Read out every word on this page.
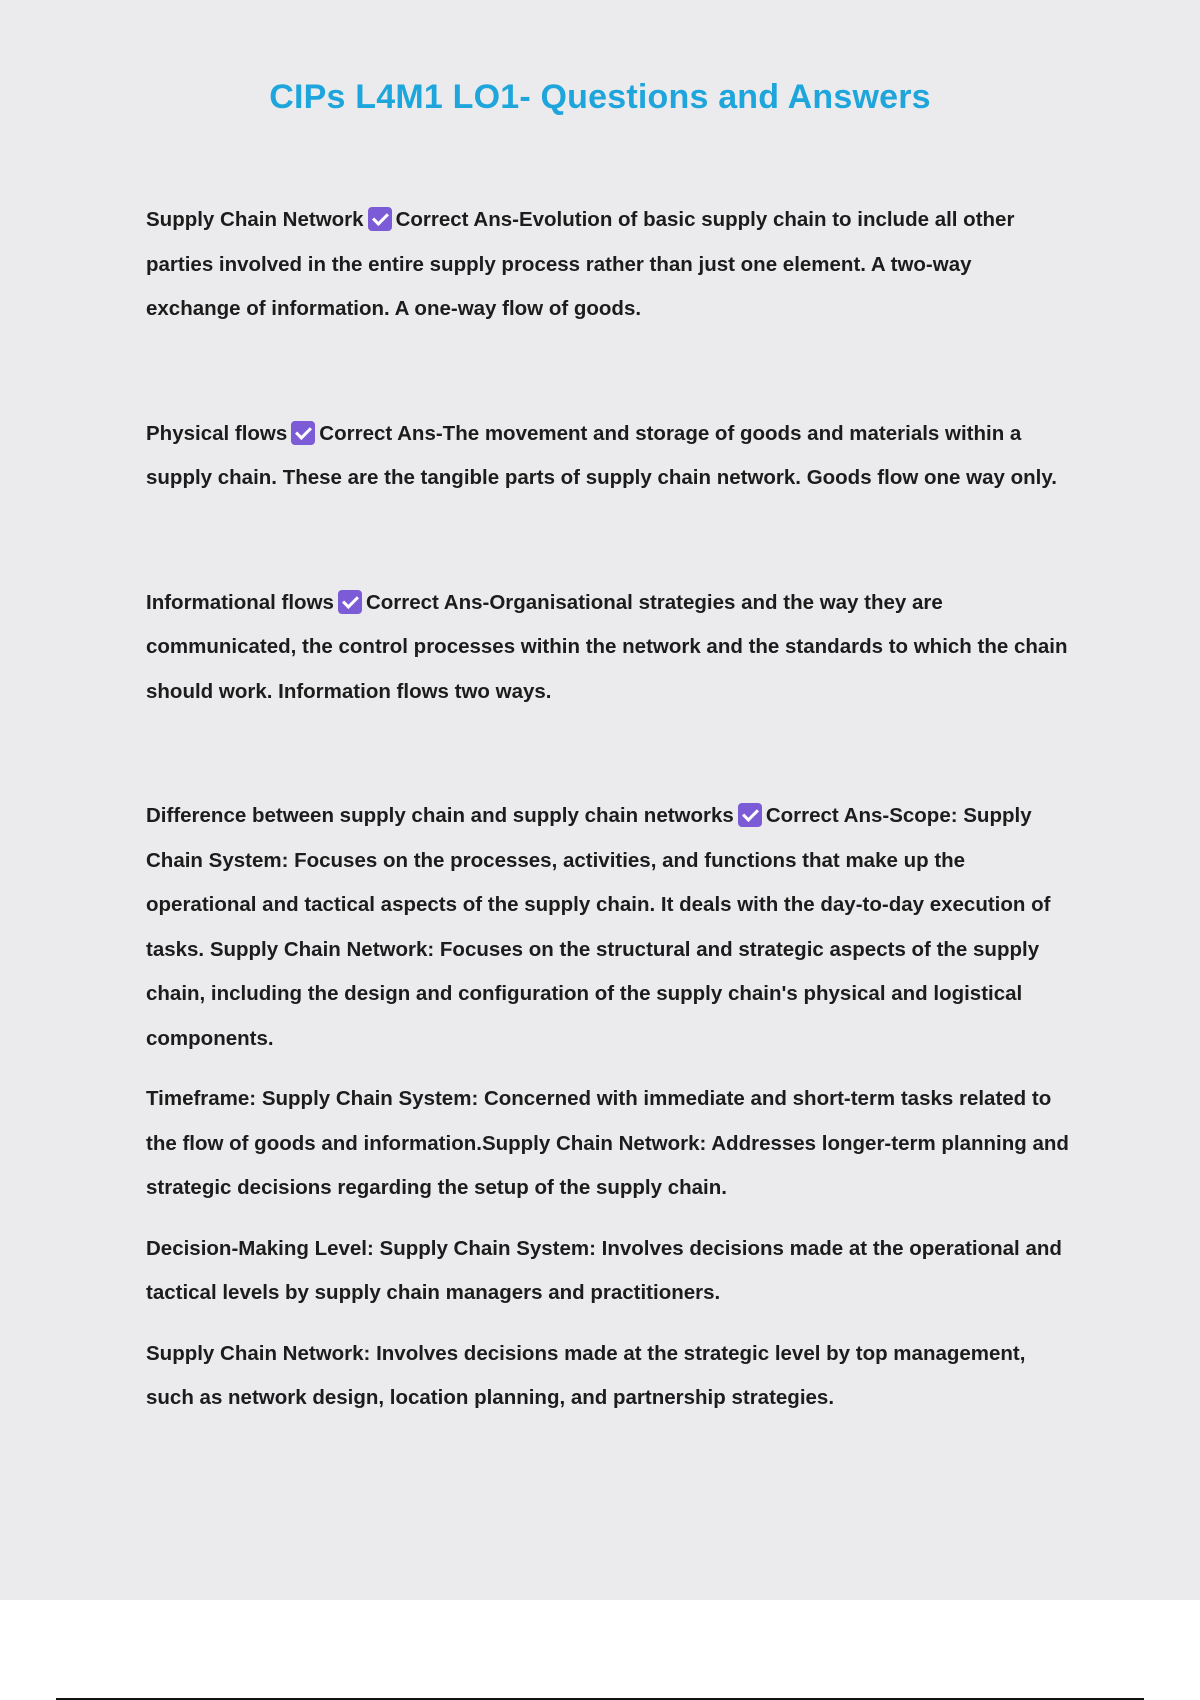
CIPs L4M1 LO1- Questions and Answers

Supply Chain Network Correct Ans-Evolution of basic supply chain to include all other parties involved in the entire supply process rather than just one element. A two-way exchange of information. A one-way flow of goods.

Physical flows Correct Ans-The movement and storage of goods and materials within a supply chain. These are the tangible parts of supply chain network. Goods flow one way only.

Informational flows Correct Ans-Organisational strategies and the way they are communicated, the control processes within the network and the standards to which the chain should work. Information flows two ways.

Difference between supply chain and supply chain networks Correct Ans-Scope: Supply Chain System: Focuses on the processes, activities, and functions that make up the operational and tactical aspects of the supply chain. It deals with the day-to-day execution of tasks. Supply Chain Network: Focuses on the structural and strategic aspects of the supply chain, including the design and configuration of the supply chain's physical and logistical components.

Timeframe: Supply Chain System: Concerned with immediate and short-term tasks related to the flow of goods and information.Supply Chain Network: Addresses longer-term planning and strategic decisions regarding the setup of the supply chain.

Decision-Making Level: Supply Chain System: Involves decisions made at the operational and tactical levels by supply chain managers and practitioners.

Supply Chain Network: Involves decisions made at the strategic level by top management, such as network design, location planning, and partnership strategies.
